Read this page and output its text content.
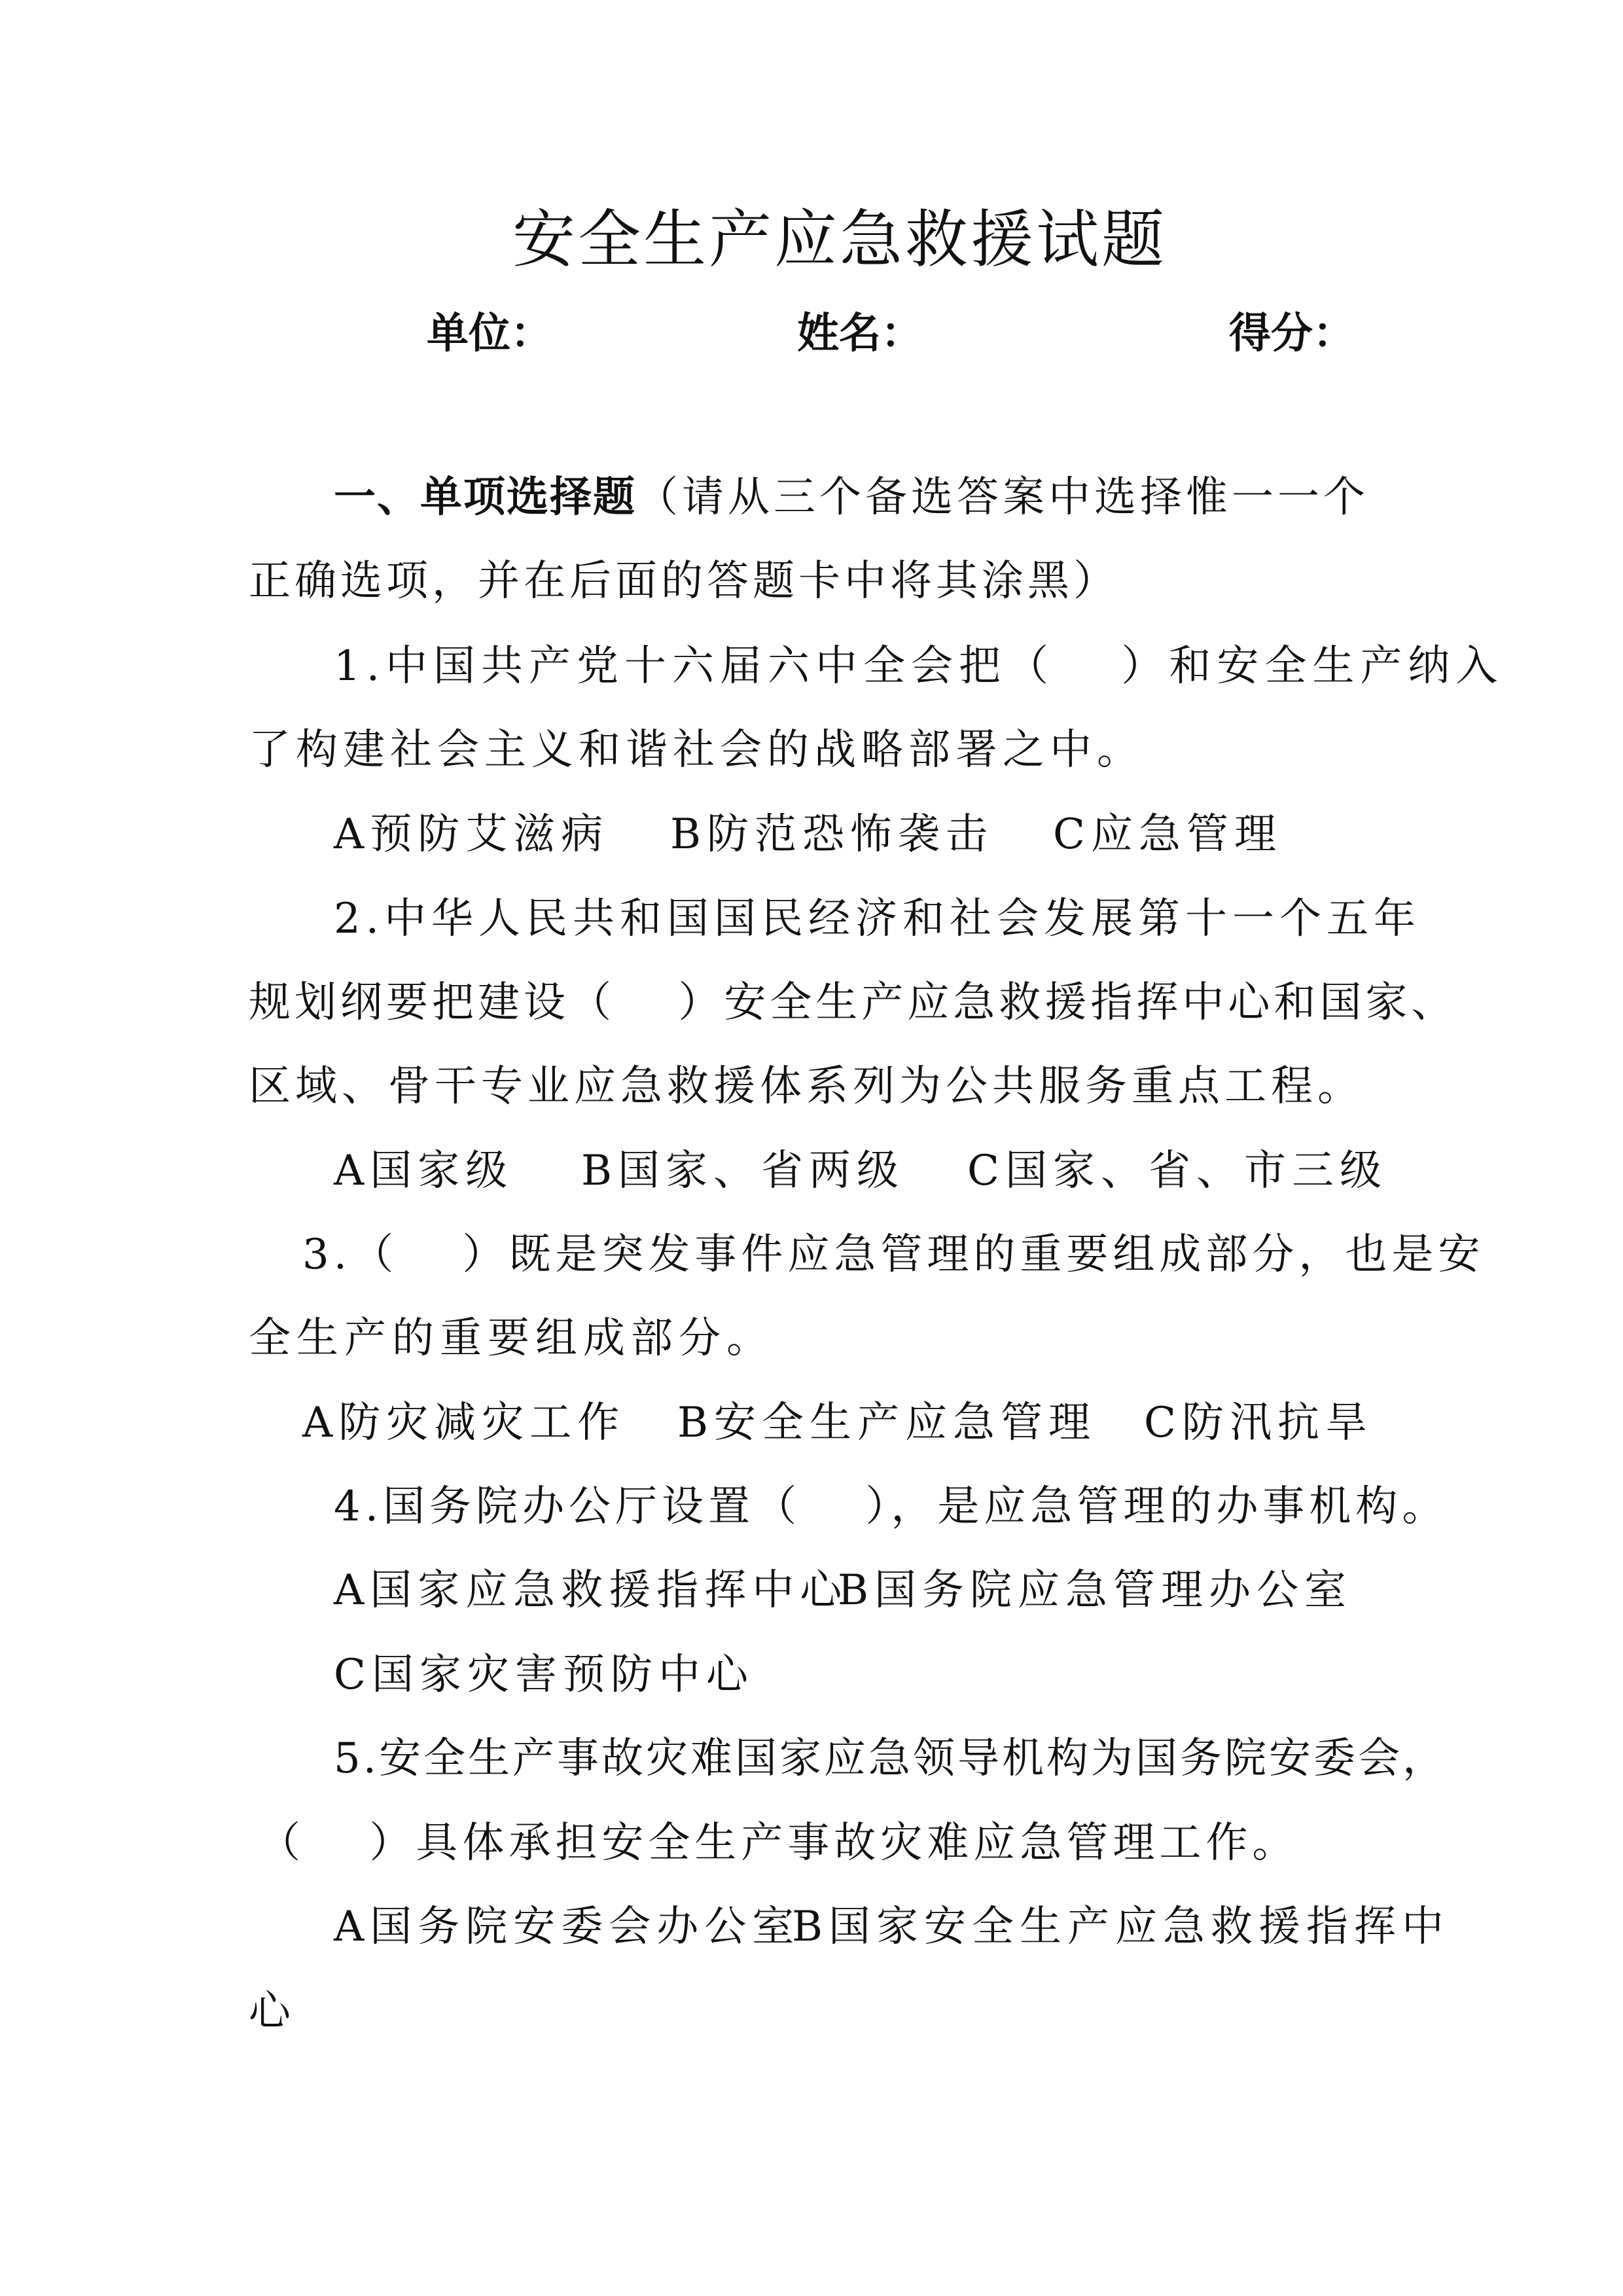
安全生产应急救援试题
单位：	姓名：	得分：
一、单项选择题（请从三个备选答案中选择惟一一个
正确选项，并在后面的答题卡中将其涂黑）
1.中国共产党十六届六中全会把（　 ）和安全生产纳入
了构建社会主义和谐社会的战略部署之中。
A预防艾滋病 B防范恐怖袭击 C应急管理
2.中华人民共和国国民经济和社会发展第十一个五年
规划纲要把建设（　 ）安全生产应急救援指挥中心和国家、
区域、骨干专业应急救援体系列为公共服务重点工程。
A国家级 B国家、省两级 C国家、省、市三级
3.（　 ）既是突发事件应急管理的重要组成部分，也是安
全生产的重要组成部分。
A防灾减灾工作 B安全生产应急管理 C防汛抗旱
4.国务院办公厅设置（　 ），是应急管理的办事机构。
A国家应急救援指挥中心B国务院应急管理办公室
C国家灾害预防中心
5.安全生产事故灾难国家应急领导机构为国务院安委会，
（　 ）具体承担安全生产事故灾难应急管理工作。
A国务院安委会办公室B国家安全生产应急救援指挥中
心
